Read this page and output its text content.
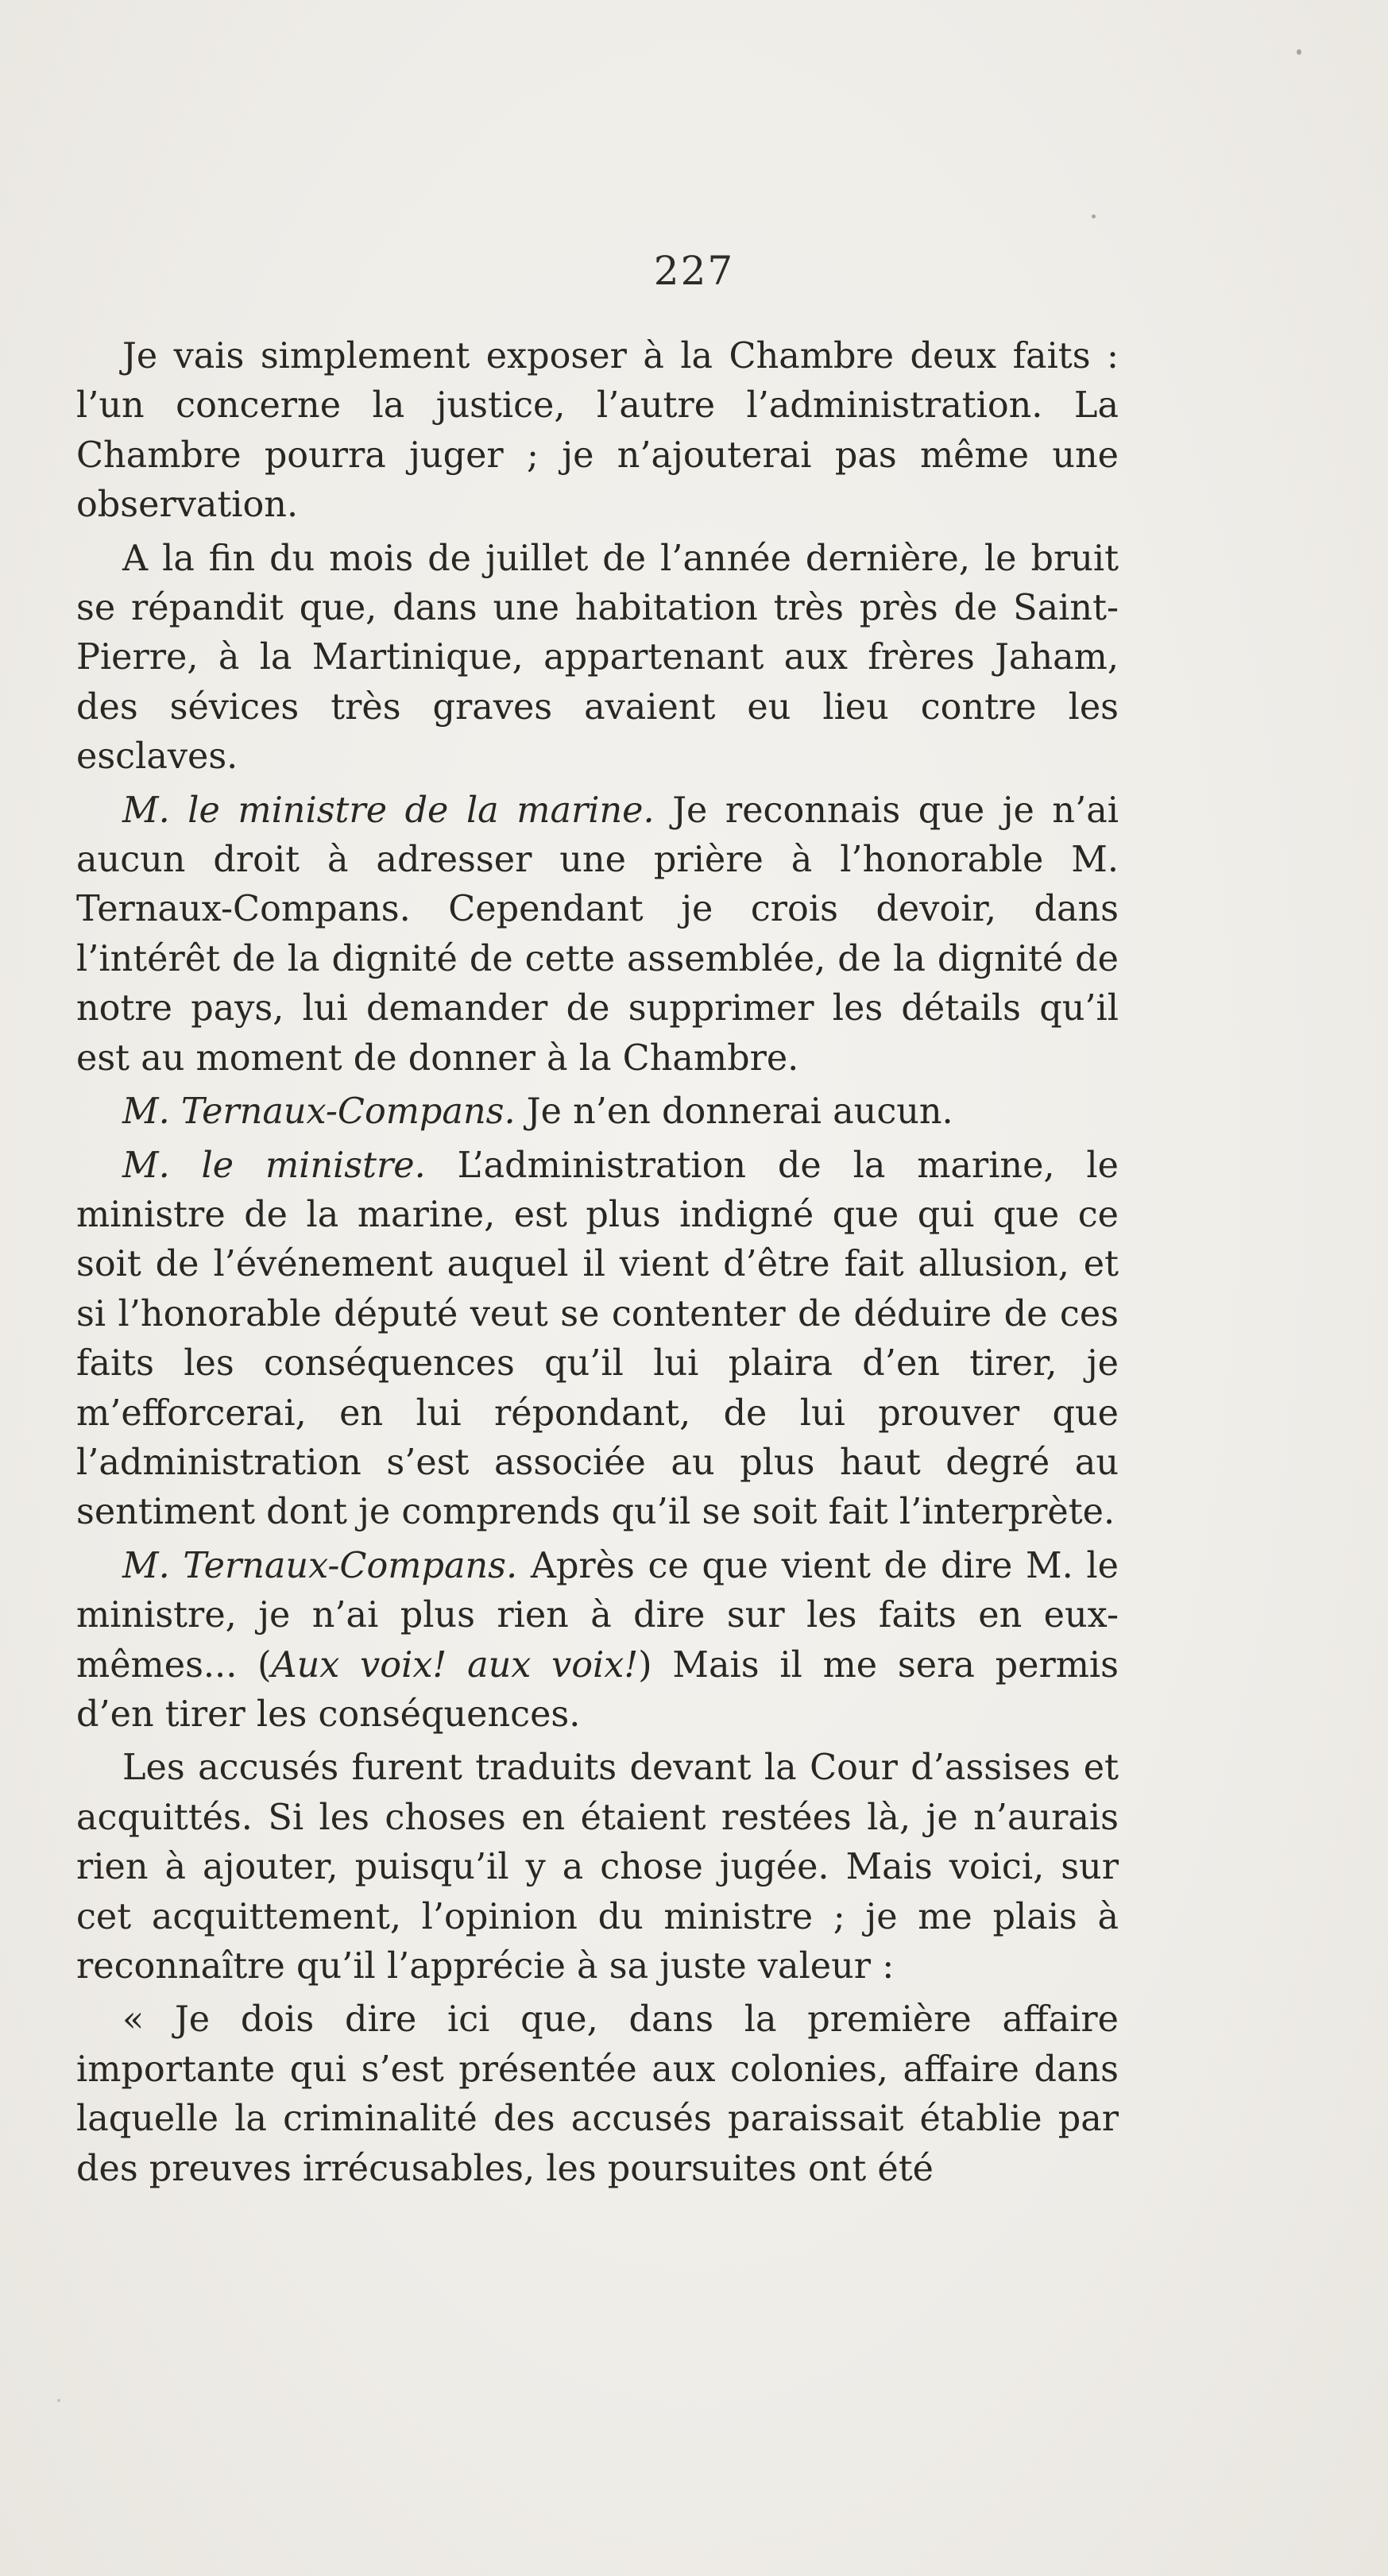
227

Je vais simplement exposer à la Chambre deux faits : l’un concerne la justice, l’autre l’administration. La Chambre pourra juger ; je n’ajouterai pas même une observation.

A la fin du mois de juillet de l’année dernière, le bruit se répandit que, dans une habitation très près de Saint-Pierre, à la Martinique, appartenant aux frères Jaham, des sévices très graves avaient eu lieu contre les esclaves.

M. le ministre de la marine. Je reconnais que je n’ai aucun droit à adresser une prière à l’honorable M. Ternaux-Compans. Cependant je crois devoir, dans l’intérêt de la dignité de cette assemblée, de la dignité de notre pays, lui demander de supprimer les détails qu’il est au moment de donner à la Chambre.

M. Ternaux-Compans. Je n’en donnerai aucun.

M. le ministre. L’administration de la marine, le ministre de la marine, est plus indigné que qui que ce soit de l’événement auquel il vient d’être fait allusion, et si l’honorable député veut se contenter de déduire de ces faits les conséquences qu’il lui plaira d’en tirer, je m’efforcerai, en lui répondant, de lui prouver que l’administration s’est associée au plus haut degré au sentiment dont je comprends qu’il se soit fait l’interprète.

M. Ternaux-Compans. Après ce que vient de dire M. le ministre, je n’ai plus rien à dire sur les faits en eux-mêmes... (Aux voix! aux voix!) Mais il me sera permis d’en tirer les conséquences.

Les accusés furent traduits devant la Cour d’assises et acquittés. Si les choses en étaient restées là, je n’aurais rien à ajouter, puisqu’il y a chose jugée. Mais voici, sur cet acquittement, l’opinion du ministre ; je me plais à reconnaître qu’il l’apprécie à sa juste valeur :

« Je dois dire ici que, dans la première affaire importante qui s’est présentée aux colonies, affaire dans laquelle la criminalité des accusés paraissait établie par des preuves irrécusables, les poursuites ont été
